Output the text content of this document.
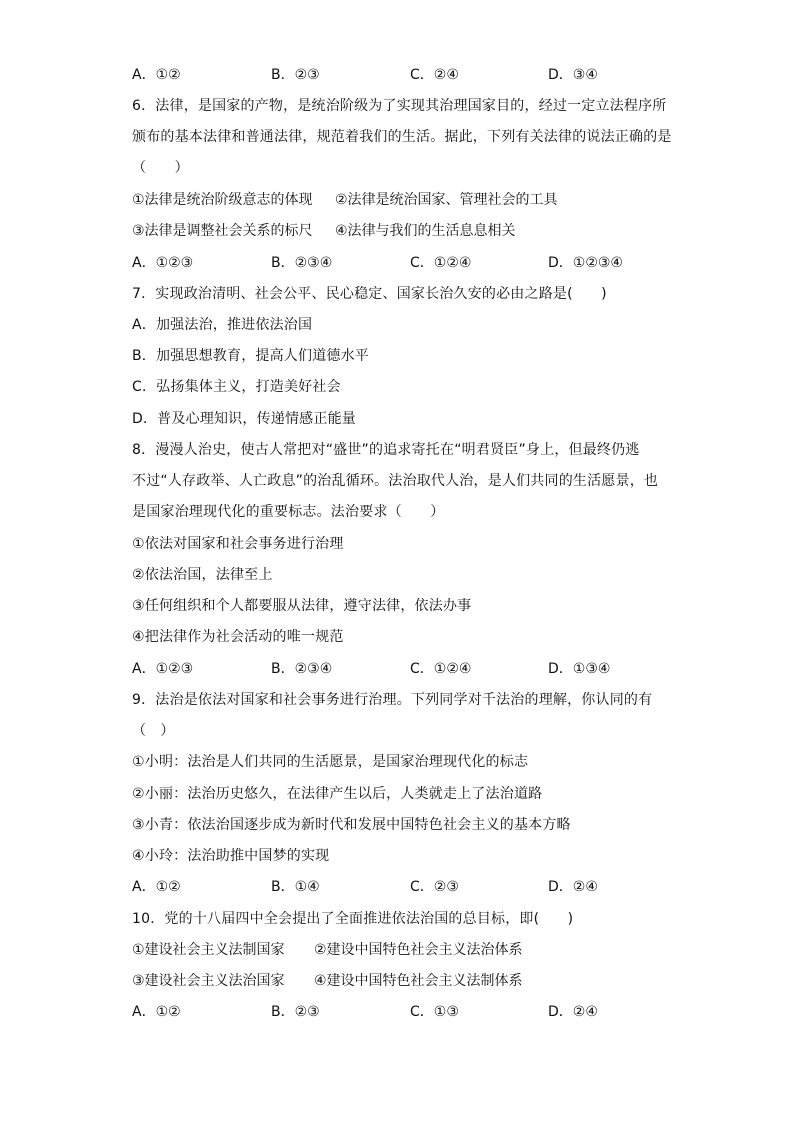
A．①②	B．②③	C．②④	D．③④
6．法律，是国家的产物，是统治阶级为了实现其治理国家目的，经过一定立法程序所
颁布的基本法律和普通法律，规范着我们的生活。据此，下列有关法律的说法正确的是
（　　）
①法律是统治阶级意志的体现 ②法律是统治国家、管理社会的工具
③法律是调整社会关系的标尺 ④法律与我们的生活息息相关
A．①②③	B．②③④	C．①②④	D．①②③④
7．实现政治清明、社会公平、民心稳定、国家长治久安的必由之路是(　　)
A．加强法治，推进依法治国
B．加强思想教育，提高人们道德水平
C．弘扬集体主义，打造美好社会
D．普及心理知识，传递情感正能量
8．漫漫人治史，使古人常把对“盛世”的追求寄托在“明君贤臣”身上，但最终仍逃
不过“人存政举、人亡政息”的治乱循环。法治取代人治，是人们共同的生活愿景，也
是国家治理现代化的重要标志。法治要求（　　）
①依法对国家和社会事务进行治理
②依法治国，法律至上
③任何组织和个人都要服从法律，遵守法律，依法办事
④把法律作为社会活动的唯一规范
A．①②③	B．②③④	C．①②④	D．①③④
9．法治是依法对国家和社会事务进行治理。下列同学对千法治的理解，你认同的有
（　）
①小明：法治是人们共同的生活愿景，是国家治理现代化的标志
②小丽：法治历史悠久，在法律产生以后，人类就走上了法治道路
③小青：依法治国逐步成为新时代和发展中国特色社会主义的基本方略
④小玲：法治助推中国梦的实现
A．①②	B．①④	C．②③	D．②④
10．党的十八届四中全会提出了全面推进依法治国的总目标，即(　　)
①建设社会主义法制国家 ②建设中国特色社会主义法治体系
③建设社会主义法治国家 ④建设中国特色社会主义法制体系
A．①②	B．②③	C．①③	D．②④
